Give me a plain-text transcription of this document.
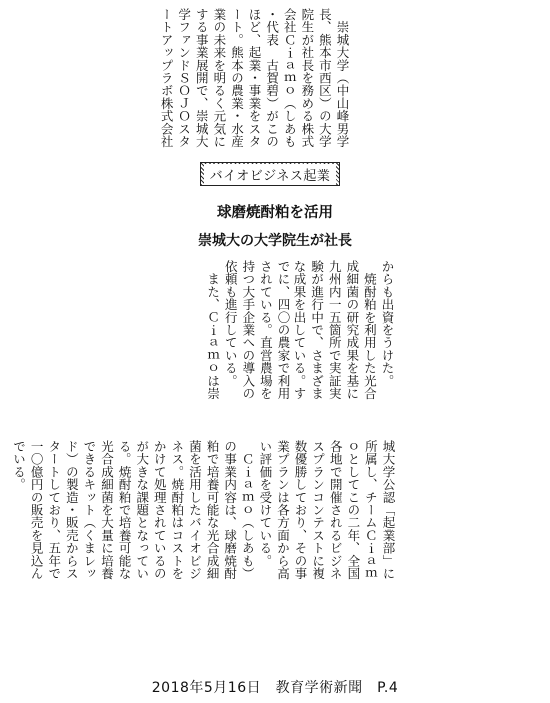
　崇城大学（中山峰男学
長、熊本市西区）の大学
院生が社長を務める株式
会社Ｃｉａｍｏ（しあも
・代表　古賀碧）がこの
ほど、起業・事業をスタ
ート。熊本の農業・水産
業の未来を明るく元気に
する事業展開で、崇城大
学ファンドＳＯＪＯスタ
ートアップラボ株式会社
バイオビジネス起業
球磨焼酎粕を活用
崇城大の大学院生が社長
からも出資をうけた。
　焼酎粕を利用した光合
成細菌の研究成果を基に
九州内一五箇所で実証実
験が進行中で、さまざま
な成果を出している。す
でに、四〇の農家で利用
されている。直営農場を
持つ大手企業への導入の
依頼も進行している。
　また、Ｃｉａｍｏは崇
城大学公認「起業部」に
所属し、チームＣｉａｍ
ｏとしてこの二年、全国
各地で開催されるビジネ
スプランコンテストに複
数優勝しており、その事
業プランは各方面から高
い評価を受けている。
　Ｃｉａｍｏ（しあも）
の事業内容は、球磨焼酎
粕で培養可能な光合成細
菌を活用したバイオビジ
ネス。焼酎粕はコストを
かけて処理されているの
が大きな課題となってい
る。焼酎粕で培養可能な
光合成細菌を大量に培養
できるキット（くまレッ
ド）の製造・販売からス
タートしており、五年で
一〇億円の販売を見込ん
でいる。
2018年5月16日　 教育学術新聞　 P.4
